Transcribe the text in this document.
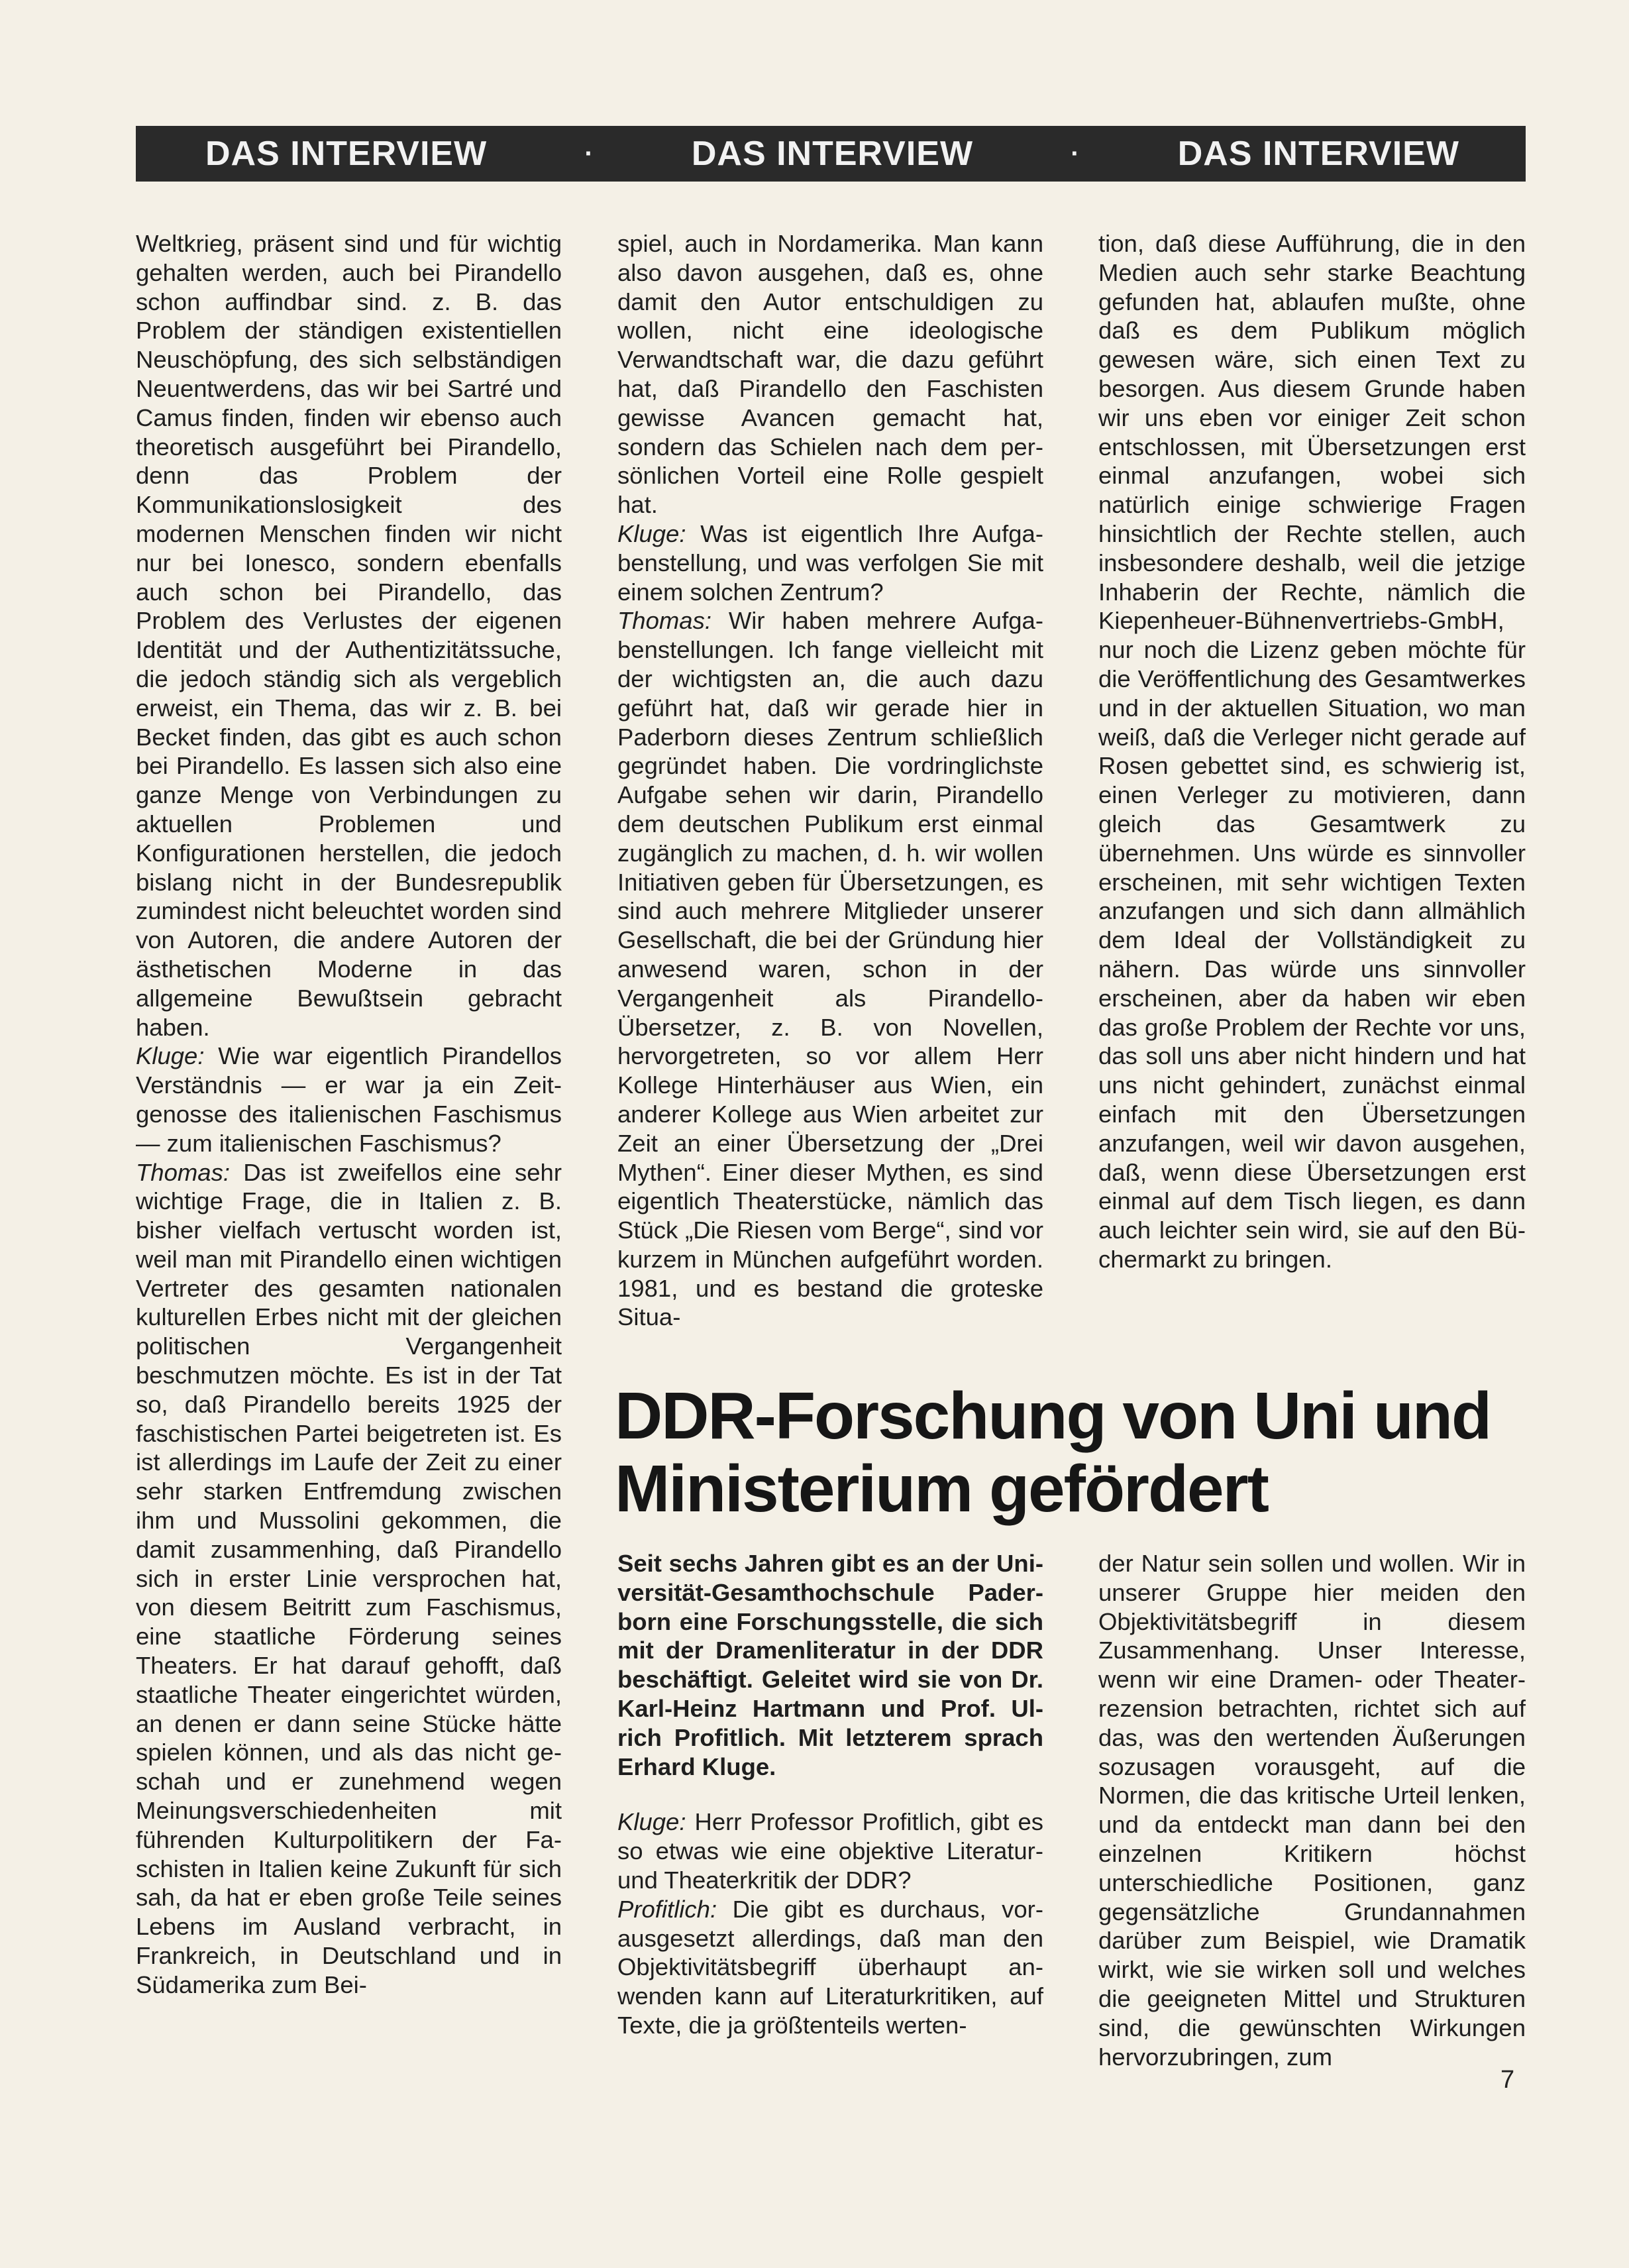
DAS INTERVIEW	·	DAS INTERVIEW	·	DAS INTERVIEW

Weltkrieg, präsent sind und für wichtig gehalten werden, auch bei Pirandello schon auffindbar sind. z. B. das Problem der ständigen existentiellen Neuschöpfung, des sich selbständigen Neuentwerdens, das wir bei Sartré und Camus finden, finden wir ebenso auch theoretisch ausgeführt bei Pirandello, denn das Problem der Kommunikationslosigkeit des modernen Menschen finden wir nicht nur bei Ionesco, sondern ebenfalls auch schon bei Pirandello, das Problem des Verlustes der eigenen Identität und der Authentizitätssuche, die jedoch ständig sich als vergeblich erweist, ein Thema, das wir z. B. bei Becket finden, das gibt es auch schon bei Pirandello. Es lassen sich also eine ganze Menge von Verbindungen zu aktuellen Problemen und Konfigurationen herstellen, die jedoch bislang nicht in der Bundesrepublik zumindest nicht beleuchtet worden sind von Autoren, die andere Autoren der ästhetischen Moderne in das allgemeine Bewußtsein gebracht haben.

Kluge: Wie war eigentlich Pirandellos Verständnis — er war ja ein Zeitgenosse des italienischen Faschismus — zum italienischen Faschismus?

Thomas: Das ist zweifellos eine sehr wichtige Frage, die in Italien z. B. bisher vielfach vertuscht worden ist, weil man mit Pirandello einen wichtigen Vertreter des gesamten nationalen kulturellen Erbes nicht mit der gleichen politischen Vergangenheit beschmutzen möchte. Es ist in der Tat so, daß Pirandello bereits 1925 der faschistischen Partei beigetreten ist. Es ist allerdings im Laufe der Zeit zu einer sehr starken Entfremdung zwischen ihm und Mussolini gekommen, die damit zusammenhing, daß Pirandello sich in erster Linie versprochen hat, von diesem Beitritt zum Faschismus, eine staatliche Förderung seines Theaters. Er hat darauf gehofft, daß staatliche Theater eingerichtet würden, an denen er dann seine Stücke hätte spielen können, und als das nicht geschah und er zunehmend wegen Meinungsverschiedenheiten mit führenden Kulturpolitikern der Faschisten in Italien keine Zukunft für sich sah, da hat er eben große Teile seines Lebens im Ausland verbracht, in Frankreich, in Deutschland und in Südamerika zum Bei-

spiel, auch in Nordamerika. Man kann also davon ausgehen, daß es, ohne damit den Autor entschuldigen zu wollen, nicht eine ideologische Verwandtschaft war, die dazu geführt hat, daß Pirandello den Faschisten gewisse Avancen gemacht hat, sondern das Schielen nach dem persönlichen Vorteil eine Rolle gespielt hat.

Kluge: Was ist eigentlich Ihre Aufgabenstellung, und was verfolgen Sie mit einem solchen Zentrum?

Thomas: Wir haben mehrere Aufgabenstellungen. Ich fange vielleicht mit der wichtigsten an, die auch dazu geführt hat, daß wir gerade hier in Paderborn dieses Zentrum schließlich gegründet haben. Die vordringlichste Aufgabe sehen wir darin, Pirandello dem deutschen Publikum erst einmal zugänglich zu machen, d. h. wir wollen Initiativen geben für Übersetzungen, es sind auch mehrere Mitglieder unserer Gesellschaft, die bei der Gründung hier anwesend waren, schon in der Vergangenheit als Pirandello-Übersetzer, z. B. von Novellen, hervorgetreten, so vor allem Herr Kollege Hinterhäuser aus Wien, ein anderer Kollege aus Wien arbeitet zur Zeit an einer Übersetzung der „Drei Mythen“. Einer dieser Mythen, es sind eigentlich Theaterstücke, nämlich das Stück „Die Riesen vom Berge“, sind vor kurzem in München aufgeführt worden. 1981, und es bestand die groteske Situa-

tion, daß diese Aufführung, die in den Medien auch sehr starke Beachtung gefunden hat, ablaufen mußte, ohne daß es dem Publikum möglich gewesen wäre, sich einen Text zu besorgen. Aus diesem Grunde haben wir uns eben vor einiger Zeit schon entschlossen, mit Übersetzungen erst einmal anzufangen, wobei sich natürlich einige schwierige Fragen hinsichtlich der Rechte stellen, auch insbesondere deshalb, weil die jetzige Inhaberin der Rechte, nämlich die Kiepenheuer-Bühnenvertriebs-GmbH, nur noch die Lizenz geben möchte für die Veröffentlichung des Gesamtwerkes und in der aktuellen Situation, wo man weiß, daß die Verleger nicht gerade auf Rosen gebettet sind, es schwierig ist, einen Verleger zu motivieren, dann gleich das Gesamtwerk zu übernehmen. Uns würde es sinnvoller erscheinen, mit sehr wichtigen Texten anzufangen und sich dann allmählich dem Ideal der Vollständigkeit zu nähern. Das würde uns sinnvoller erscheinen, aber da haben wir eben das große Problem der Rechte vor uns, das soll uns aber nicht hindern und hat uns nicht gehindert, zunächst einmal einfach mit den Übersetzungen anzufangen, weil wir davon ausgehen, daß, wenn diese Übersetzungen erst einmal auf dem Tisch liegen, es dann auch leichter sein wird, sie auf den Büchermarkt zu bringen.

DDR-Forschung von Uni und Ministerium gefördert

Seit sechs Jahren gibt es an der Universität-Gesamthochschule Paderborn eine Forschungsstelle, die sich mit der Dramenliteratur in der DDR beschäftigt. Geleitet wird sie von Dr. Karl-Heinz Hartmann und Prof. Ulrich Profitlich. Mit letzterem sprach Erhard Kluge.

Kluge: Herr Professor Profitlich, gibt es so etwas wie eine objektive Literatur- und Theaterkritik der DDR?

Profitlich: Die gibt es durchaus, vorausgesetzt allerdings, daß man den Objektivitätsbegriff überhaupt anwenden kann auf Literaturkritiken, auf Texte, die ja größtenteils werten-

der Natur sein sollen und wollen. Wir in unserer Gruppe hier meiden den Objektivitätsbegriff in diesem Zusammenhang. Unser Interesse, wenn wir eine Dramen- oder Theaterrezension betrachten, richtet sich auf das, was den wertenden Äußerungen sozusagen vorausgeht, auf die Normen, die das kritische Urteil lenken, und da entdeckt man dann bei den einzelnen Kritikern höchst unterschiedliche Positionen, ganz gegensätzliche Grundannahmen darüber zum Beispiel, wie Dramatik wirkt, wie sie wirken soll und welches die geeigneten Mittel und Strukturen sind, die gewünschten Wirkungen hervorzubringen, zum

7
